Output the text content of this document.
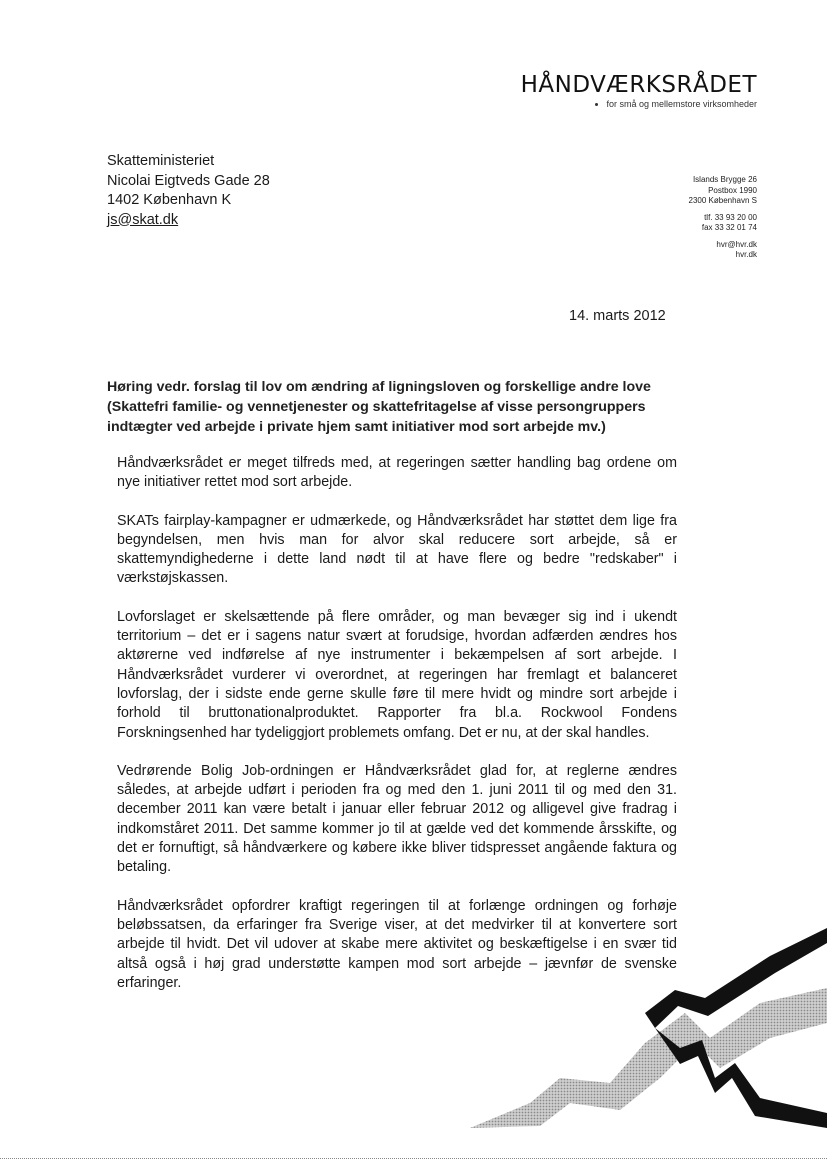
HÅNDVÆRKSRÅDET
for små og mellemstore virksomheder
Skatteministeriet
Nicolai Eigtveds Gade 28
1402 København K
js@skat.dk
Islands Brygge 26
Postbox 1990
2300 København S
tlf. 33 93 20 00
fax 33 32 01 74
hvr@hvr.dk
hvr.dk
14. marts 2012
Høring vedr. forslag til lov om ændring af ligningsloven og forskellige andre love (Skattefri familie- og vennetjenester og skattefritagelse af visse persongruppers indtægter ved arbejde i private hjem samt initiativer mod sort arbejde mv.)

Håndværksrådet er meget tilfreds med, at regeringen sætter handling bag ordene om nye initiativer rettet mod sort arbejde.

SKATs fairplay-kampagner er udmærkede, og Håndværksrådet har støttet dem lige fra begyndelsen, men hvis man for alvor skal reducere sort arbejde, så er skattemyndighederne i dette land nødt til at have flere og bedre "redskaber" i værkstøjskassen.

Lovforslaget er skelsættende på flere områder, og man bevæger sig ind i ukendt territorium – det er i sagens natur svært at forudsige, hvordan adfærden ændres hos aktørerne ved indførelse af nye instrumenter i bekæmpelsen af sort arbejde. I Håndværksrådet vurderer vi overordnet, at regeringen har fremlagt et balanceret lovforslag, der i sidste ende gerne skulle føre til mere hvidt og mindre sort arbejde i forhold til bruttonationalproduktet. Rapporter fra bl.a. Rockwool Fondens Forskningsenhed har tydeliggjort problemets omfang. Det er nu, at der skal handles.

Vedrørende Bolig Job-ordningen er Håndværksrådet glad for, at reglerne ændres således, at arbejde udført i perioden fra og med den 1. juni 2011 til og med den 31. december 2011 kan være betalt i januar eller februar 2012 og alligevel give fradrag i indkomståret 2011. Det samme kommer jo til at gælde ved det kommende årsskifte, og det er fornuftigt, så håndværkere og købere ikke bliver tidspresset angående faktura og betaling.

Håndværksrådet opfordrer kraftigt regeringen til at forlænge ordningen og forhøje beløbssatsen, da erfaringer fra Sverige viser, at det medvirker til at konvertere sort arbejde til hvidt. Det vil udover at skabe mere aktivitet og beskæftigelse i en svær tid altså også i høj grad understøtte kampen mod sort arbejde – jævnfør de svenske erfaringer.
